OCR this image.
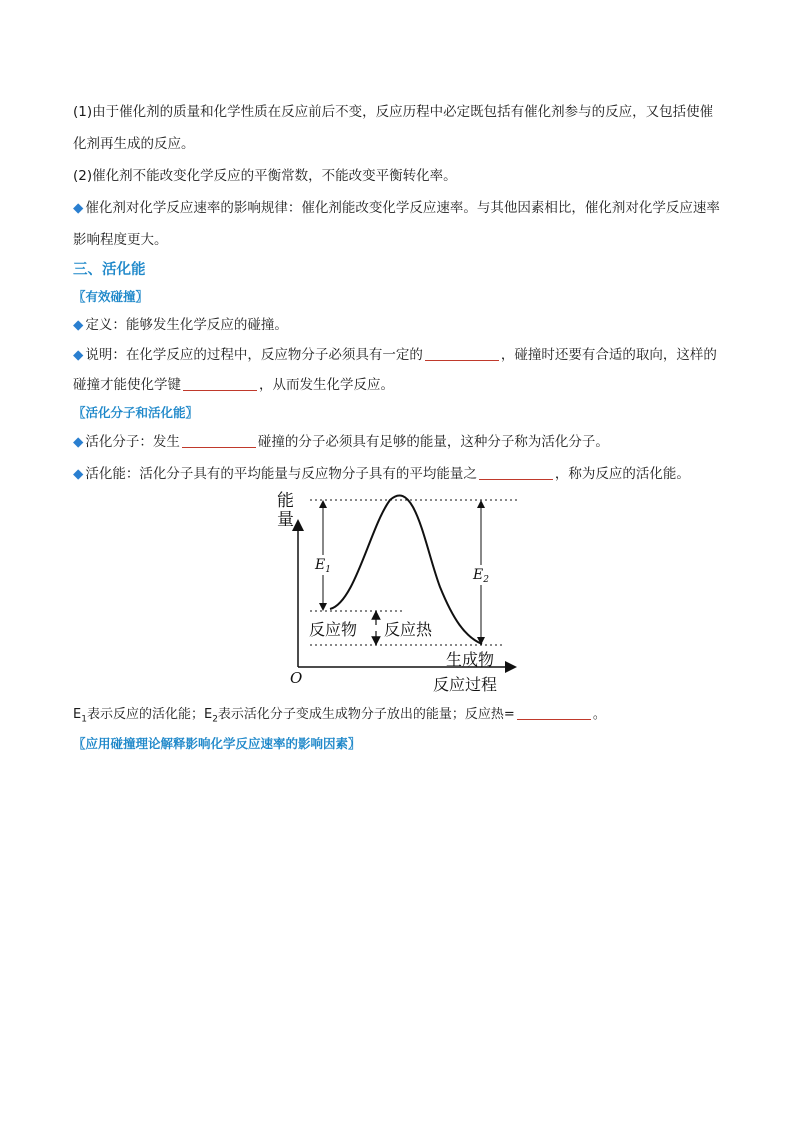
(1)由于催化剂的质量和化学性质在反应前后不变，反应历程中必定既包括有催化剂参与的反应，又包括使催化剂再生成的反应。

(2)催化剂不能改变化学反应的平衡常数，不能改变平衡转化率。

◆ 催化剂对化学反应速率的影响规律：催化剂能改变化学反应速率。与其他因素相比，催化剂对化学反应速率影响程度更大。

三、活化能

〖有效碰撞〗

◆ 定义：能够发生化学反应的碰撞。

◆ 说明：在化学反应的过程中，反应物分子必须具有一定的	，碰撞时还要有合适的取向，这样的碰撞才能使化学键	，从而发生化学反应。

〖活化分子和活化能〗

◆ 活化分子：发生	碰撞的分子必须具有足够的能量，这种分子称为活化分子。

◆ 活化能：活化分子具有的平均能量与反应物分子具有的平均能量之	，称为反应的活化能。

能
量
$E_1$	$E_2$
反应物 反应热
生成物
O	反应过程

$E_1$表示反应的活化能；$E_2$表示活化分子变成生成物分子放出的能量；反应热=	。

〖应用碰撞理论解释影响化学反应速率的影响因素〗
